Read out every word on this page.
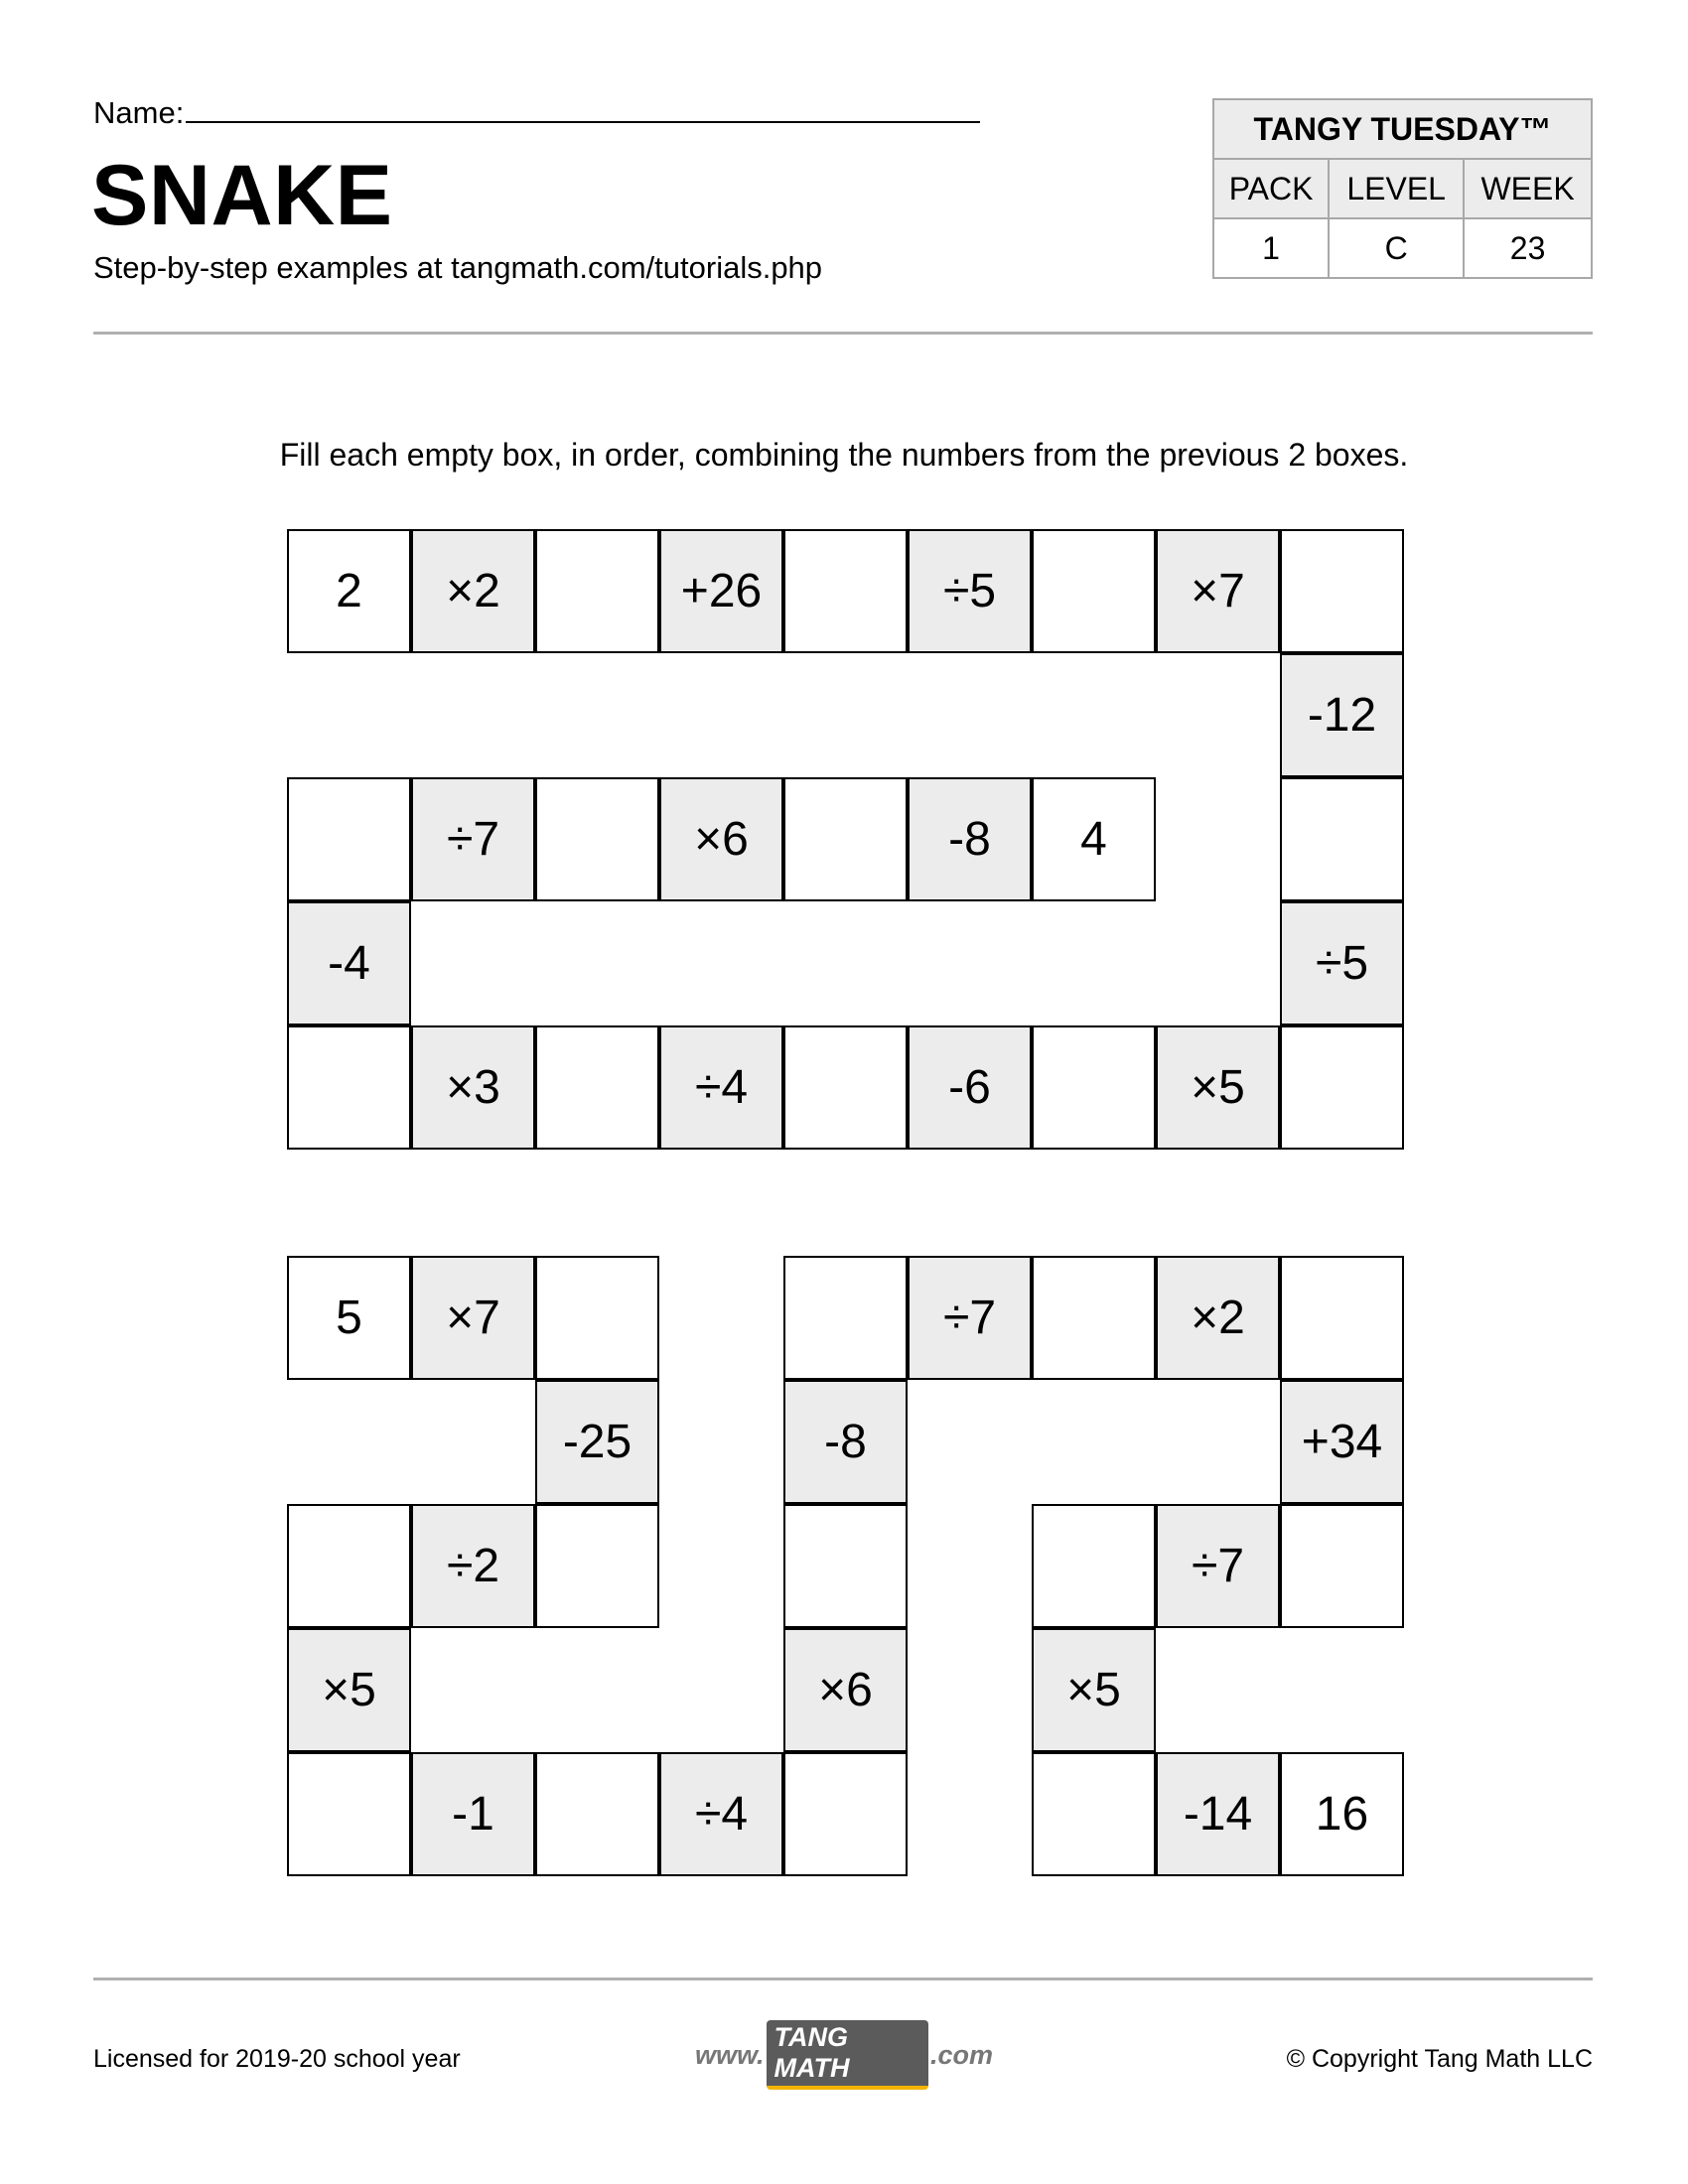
Name:
SNAKE
Step-by-step examples at tangmath.com/tutorials.php
TANGY TUESDAY™		
PACK	LEVEL	WEEK
1	C	23
Fill each empty box, in order, combining the numbers from the previous 2 boxes.
2	×2	+26	÷5	×7
-12
÷5
×5
-6
÷4
×3
-4
÷7	×6	-8	4
5	×7
-25
÷2
×5
-1	÷4
×6
-8
÷7	×2
+34
÷7
×5
-14	16
Licensed for 2019-20 school year	www.
TANG MATH	.com	© Copyright Tang Math LLC
